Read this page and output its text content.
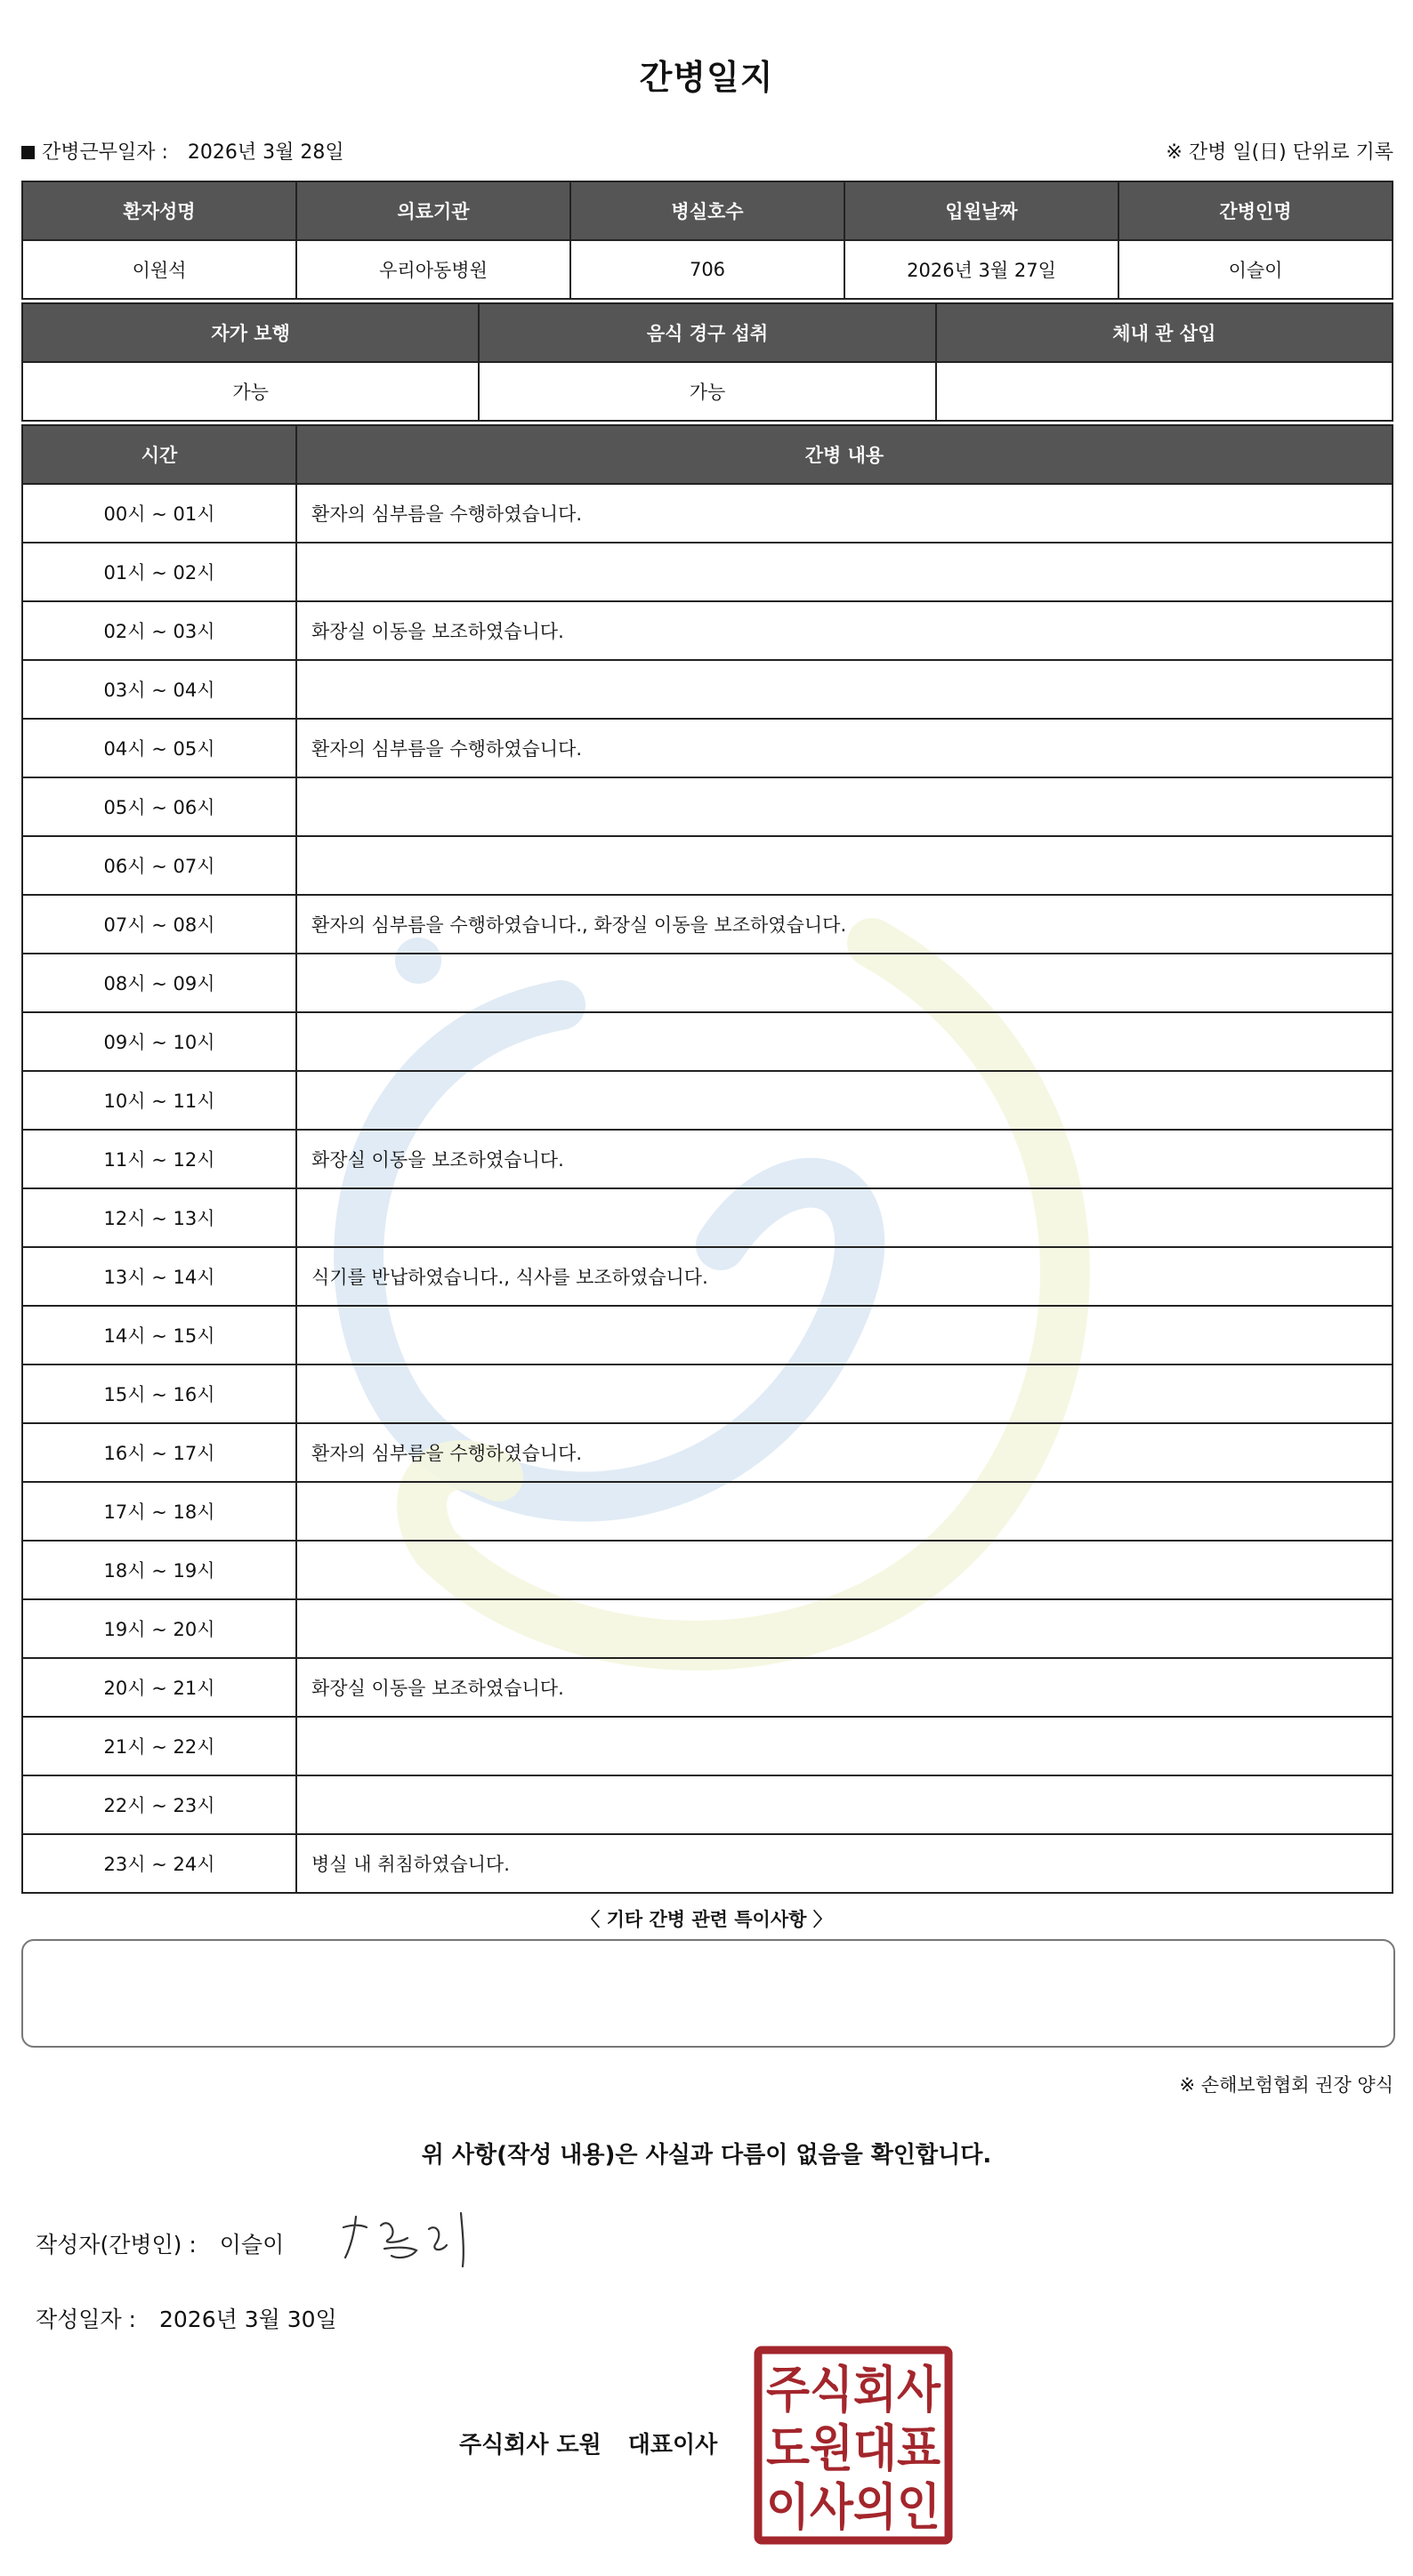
간병일지
간병근무일자 : 2026년 3월 28일	※ 간병 일(日) 단위로 기록
환자성명	의료기관	병실호수	입원날짜	간병인명
이원석	우리아동병원	706	2026년 3월 27일	이슬이
자가 보행	음식 경구 섭취	체내 관 삽입
가능	가능	
시간	간병 내용
00시 ~ 01시	환자의 심부름을 수행하였습니다.
01시 ~ 02시	
02시 ~ 03시	화장실 이동을 보조하였습니다.
03시 ~ 04시	
04시 ~ 05시	환자의 심부름을 수행하였습니다.
05시 ~ 06시	
06시 ~ 07시	
07시 ~ 08시	환자의 심부름을 수행하였습니다., 화장실 이동을 보조하였습니다.
08시 ~ 09시	
09시 ~ 10시	
10시 ~ 11시	
11시 ~ 12시	화장실 이동을 보조하였습니다.
12시 ~ 13시	
13시 ~ 14시	식기를 반납하였습니다., 식사를 보조하였습니다.
14시 ~ 15시	
15시 ~ 16시	
16시 ~ 17시	환자의 심부름을 수행하였습니다.
17시 ~ 18시	
18시 ~ 19시	
19시 ~ 20시	
20시 ~ 21시	화장실 이동을 보조하였습니다.
21시 ~ 22시	
22시 ~ 23시	
23시 ~ 24시	병실 내 취침하였습니다.
〈 기타 간병 관련 특이사항 〉
※ 손해보험협회 권장 양식
위 사항(작성 내용)은 사실과 다름이 없음을 확인합니다.
작성자(간병인) : 이슬이
작성일자 : 2026년 3월 30일
주식회사 도원 대표이사
주식회사
도원대표
이사의인
